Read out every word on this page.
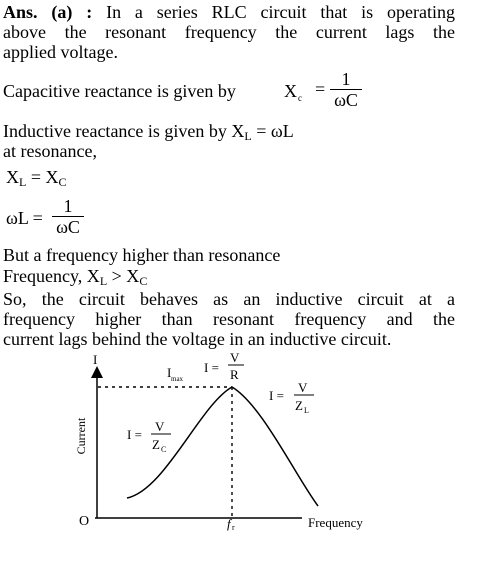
Ans. (a) : In a series RLC circuit that is operating
above the resonant frequency the current lags the
applied voltage.
Capacitive reactance is given by	X $c = \frac{1}{\omega C}$
Inductive reactance is given by $X_L = \omega L$
at resonance,
$X_L = X_C$
$\omega L = \frac{1}{\omega C}$
But a frequency higher than resonance
Frequency, $X_L > X_C$
So, the circuit behaves as an inductive circuit at a
frequency higher than resonant frequency and the
current lags behind the voltage in an inductive circuit.
I
Current
O	Frequency
I max
f r
I =
V
R
I =
V
Z L
I =
V
Z C
